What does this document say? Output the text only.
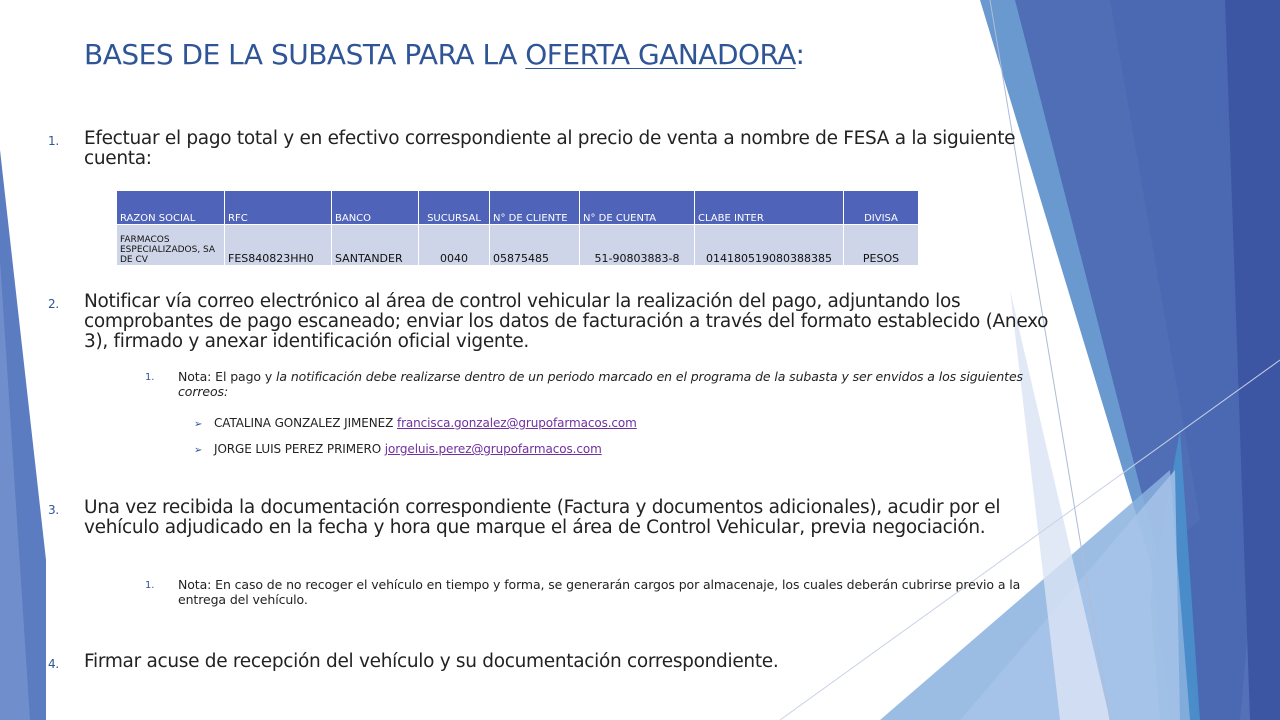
BASES DE LA SUBASTA PARA LA OFERTA GANADORA:
1. Efectuar el pago total y en efectivo correspondiente al precio de venta a nombre de FESA a la siguiente cuenta:
RAZON SOCIAL	RFC	BANCO	SUCURSAL	N° DE CLIENTE	N° DE CUENTA	CLABE INTER	DIVISA
FARMACOS ESPECIALIZADOS, SA DE CV	FES840823HH0	SANTANDER	0040	05875485	51-90803883-8	014180519080388385	PESOS
2. Notificar vía correo electrónico al área de control vehicular la realización del pago, adjuntando los comprobantes de pago escaneado; enviar los datos de facturación a través del formato establecido (Anexo 3), firmado y anexar identificación oficial vigente.
1. Nota: El pago y la notificación debe realizarse dentro de un periodo marcado en el programa de la subasta y ser envidos a los siguientes correos:
➢ CATALINA GONZALEZ JIMENEZ francisca.gonzalez@grupofarmacos.com
➢ JORGE LUIS PEREZ PRIMERO jorgeluis.perez@grupofarmacos.com
3. Una vez recibida la documentación correspondiente (Factura y documentos adicionales), acudir por el vehículo adjudicado en la fecha y hora que marque el área de Control Vehicular, previa negociación.
1. Nota: En caso de no recoger el vehículo en tiempo y forma, se generarán cargos por almacenaje, los cuales deberán cubrirse previo a la entrega del vehículo.
4. Firmar acuse de recepción del vehículo y su documentación correspondiente.
